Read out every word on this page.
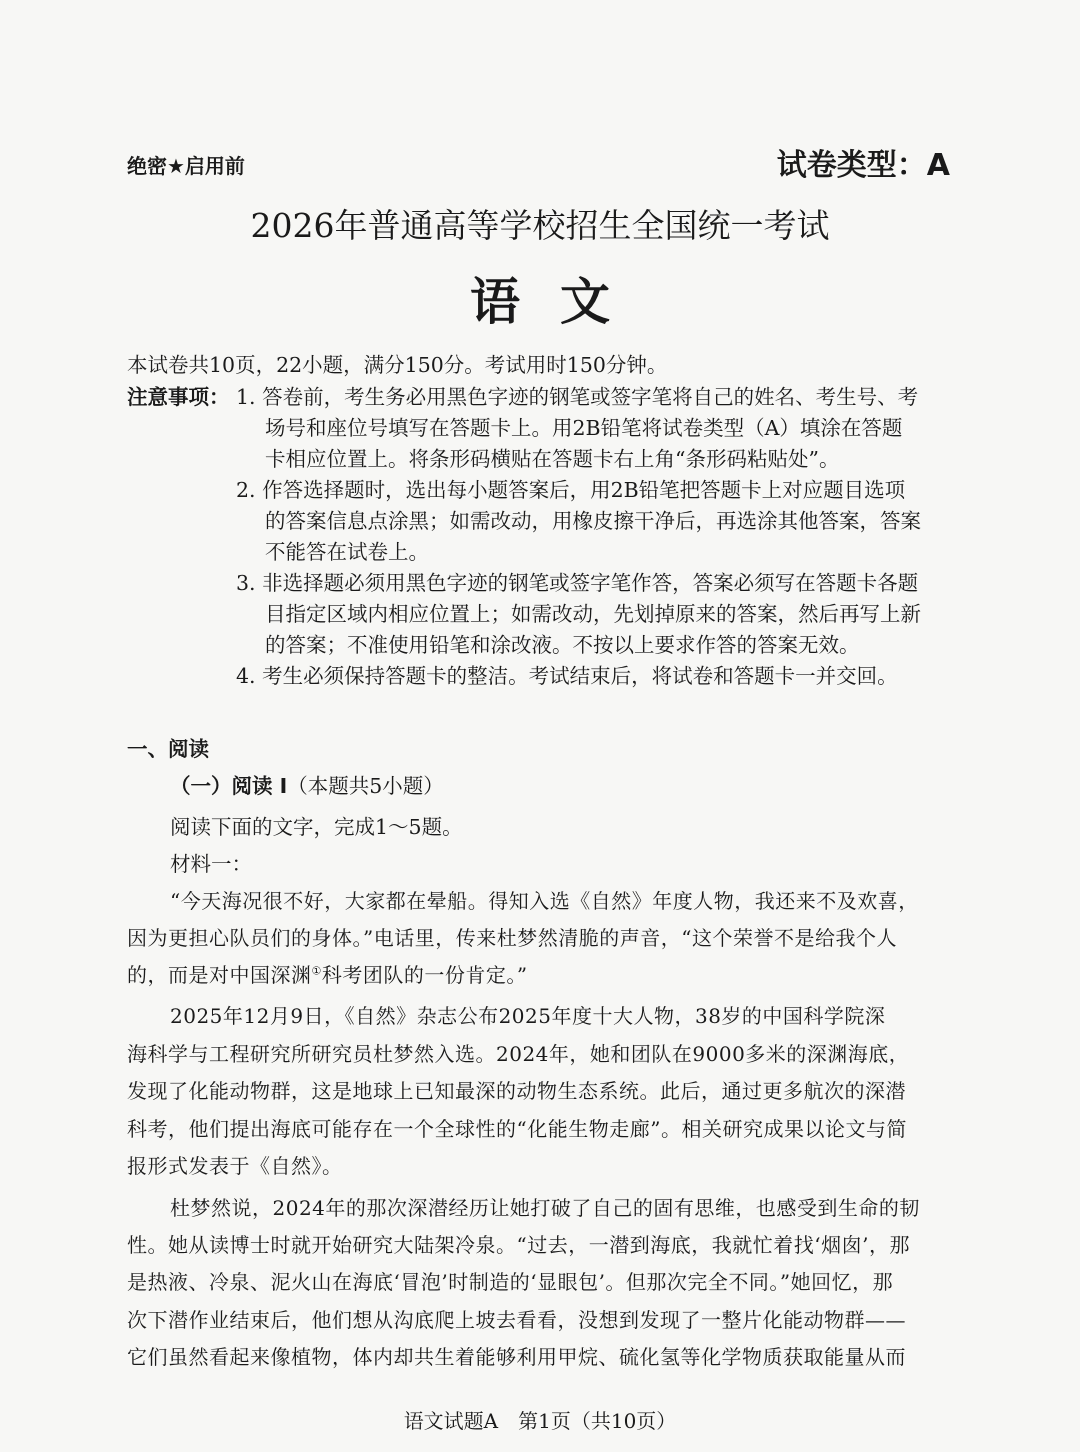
绝密★启用前	试卷类型：A
2026年普通高等学校招生全国统一考试
语文
本试卷共10页，22小题，满分150分。考试用时150分钟。
注意事项： 1. 答卷前，考生务必用黑色字迹的钢笔或签字笔将自己的姓名、考生号、考
场号和座位号填写在答题卡上。用2B铅笔将试卷类型（A）填涂在答题
卡相应位置上。将条形码横贴在答题卡右上角“条形码粘贴处”。
2. 作答选择题时，选出每小题答案后，用2B铅笔把答题卡上对应题目选项
的答案信息点涂黑；如需改动，用橡皮擦干净后，再选涂其他答案，答案
不能答在试卷上。
3. 非选择题必须用黑色字迹的钢笔或签字笔作答，答案必须写在答题卡各题
目指定区域内相应位置上；如需改动，先划掉原来的答案，然后再写上新
的答案；不准使用铅笔和涂改液。不按以上要求作答的答案无效。
4. 考生必须保持答题卡的整洁。考试结束后，将试卷和答题卡一并交回。
一、阅读
（一）阅读 I（本题共5小题）
阅读下面的文字，完成1～5题。
材料一：
“今天海况很不好，大家都在晕船。得知入选《自然》年度人物，我还来不及欢喜，
因为更担心队员们的身体。”电话里，传来杜梦然清脆的声音，“这个荣誉不是给我个人
的，而是对中国深渊①科考团队的一份肯定。”
2025年12月9日，《自然》杂志公布2025年度十大人物，38岁的中国科学院深
海科学与工程研究所研究员杜梦然入选。2024年，她和团队在9000多米的深渊海底，
发现了化能动物群，这是地球上已知最深的动物生态系统。此后，通过更多航次的深潜
科考，他们提出海底可能存在一个全球性的“化能生物走廊”。相关研究成果以论文与简
报形式发表于《自然》。
杜梦然说，2024年的那次深潜经历让她打破了自己的固有思维，也感受到生命的韧
性。她从读博士时就开始研究大陆架冷泉。“过去，一潜到海底，我就忙着找‘烟囱’，那
是热液、冷泉、泥火山在海底‘冒泡’时制造的‘显眼包’。但那次完全不同。”她回忆，那
次下潜作业结束后，他们想从沟底爬上坡去看看，没想到发现了一整片化能动物群——
它们虽然看起来像植物，体内却共生着能够利用甲烷、硫化氢等化学物质获取能量从而
语文试题A　第1页（共10页）
